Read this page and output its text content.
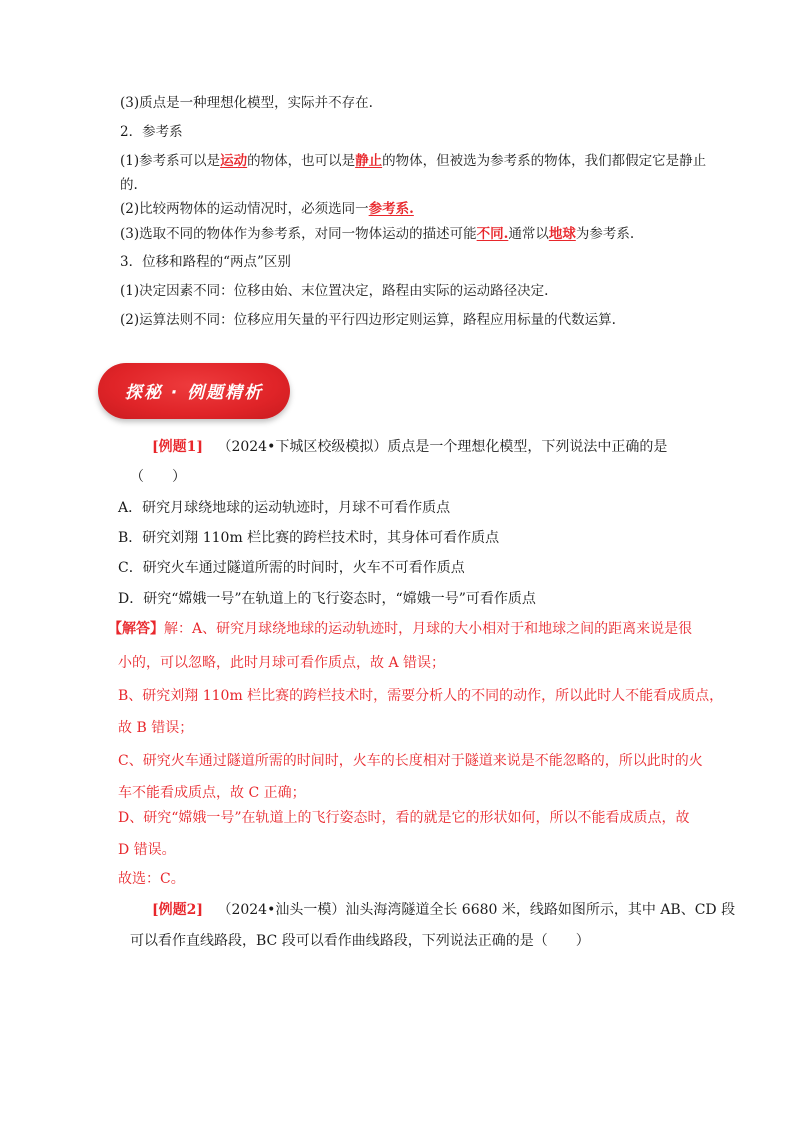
(3)质点是一种理想化模型，实际并不存在.
2．参考系
(1)参考系可以是运动的物体，也可以是静止的物体，但被选为参考系的物体，我们都假定它是静止
的.
(2)比较两物体的运动情况时，必须选同一参考系.
(3)选取不同的物体作为参考系，对同一物体运动的描述可能不同.通常以地球为参考系.
3．位移和路程的“两点”区别
(1)决定因素不同：位移由始、末位置决定，路程由实际的运动路径决定.
(2)运算法则不同：位移应用矢量的平行四边形定则运算，路程应用标量的代数运算.
探秘 · 例题精析
[例题1] （2024•下城区校级模拟）质点是一个理想化模型，下列说法中正确的是
（　　）
A．研究月球绕地球的运动轨迹时，月球不可看作质点
B．研究刘翔 110m 栏比赛的跨栏技术时，其身体可看作质点
C．研究火车通过隧道所需的时间时，火车不可看作质点
D．研究“嫦娥一号”在轨道上的飞行姿态时，“嫦娥一号”可看作质点
【解答】解：A、研究月球绕地球的运动轨迹时，月球的大小相对于和地球之间的距离来说是很
小的，可以忽略，此时月球可看作质点，故 A 错误；
B、研究刘翔 110m 栏比赛的跨栏技术时，需要分析人的不同的动作，所以此时人不能看成质点，
故 B 错误；
C、研究火车通过隧道所需的时间时，火车的长度相对于隧道来说是不能忽略的，所以此时的火
车不能看成质点，故 C 正确；
D、研究“嫦娥一号”在轨道上的飞行姿态时，看的就是它的形状如何，所以不能看成质点，故
D 错误。
故选：C。
[例题2] （2024•汕头一模）汕头海湾隧道全长 6680 米，线路如图所示，其中 AB、CD 段
可以看作直线路段，BC 段可以看作曲线路段，下列说法正确的是（　　）
